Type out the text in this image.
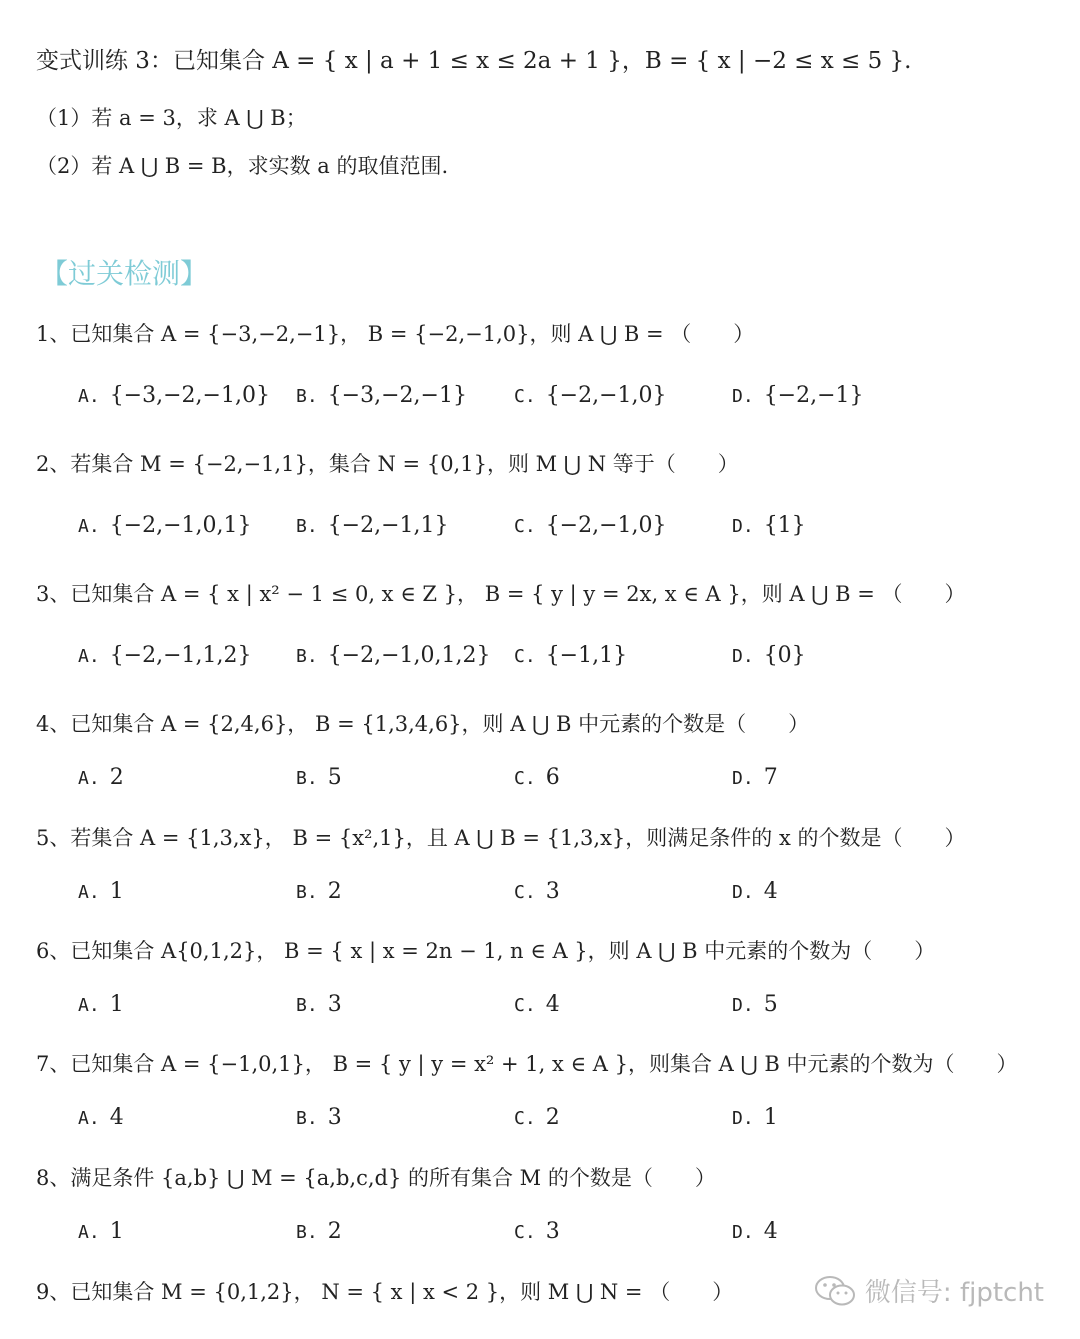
变式训练 3：已知集合 A = { x | a + 1 ≤ x ≤ 2a + 1 }，B = { x | −2 ≤ x ≤ 5 }.
（1）若 a = 3，求 A ⋃ B；
（2）若 A ⋃ B = B，求实数 a 的取值范围.
【过关检测】
1、已知集合 A = {−3,−2,−1}， B = {−2,−1,0}，则 A ⋃ B = （　　）
A. {−3,−2,−1,0} B. {−3,−2,−1}	C. {−2,−1,0}	D. {−2,−1}
2、若集合 M = {−2,−1,1}，集合 N = {0,1}，则 M ⋃ N 等于（　　）
A. {−2,−1,0,1} B. {−2,−1,1}	C. {−2,−1,0}	D. {1}
3、已知集合 A = { x | x² − 1 ≤ 0, x ∈ Z }， B = { y | y = 2x, x ∈ A }，则 A ⋃ B = （　　）
A. {−2,−1,1,2} B. {−2,−1,0,1,2} C. {−1,1}	D. {0}
4、已知集合 A = {2,4,6}， B = {1,3,4,6}，则 A ⋃ B 中元素的个数是（　　）
A. 2	B. 5	C. 6	D. 7
5、若集合 A = {1,3,x}， B = {x²,1}，且 A ⋃ B = {1,3,x}，则满足条件的 x 的个数是（　　）
A. 1	B. 2	C. 3	D. 4
6、已知集合 A{0,1,2}， B = { x | x = 2n − 1, n ∈ A }，则 A ⋃ B 中元素的个数为（　　）
A. 1	B. 3	C. 4	D. 5
7、已知集合 A = {−1,0,1}， B = { y | y = x² + 1, x ∈ A }，则集合 A ⋃ B 中元素的个数为（　　）
A. 4	B. 3	C. 2	D. 1
8、满足条件 {a,b} ⋃ M = {a,b,c,d} 的所有集合 M 的个数是（　　）
A. 1	B. 2	C. 3	D. 4
9、已知集合 M = {0,1,2}， N = { x | x < 2 }，则 M ⋃ N = （　　）	微信号: fjptcht
